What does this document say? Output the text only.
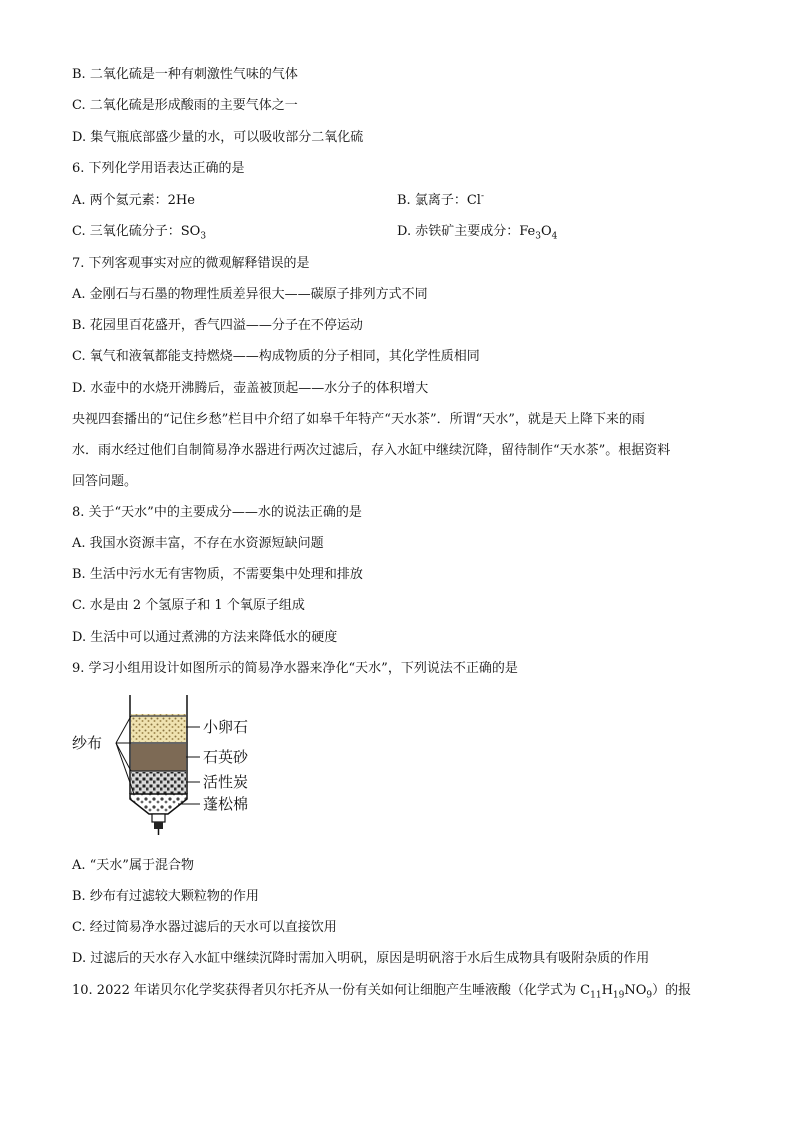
B. 二氧化硫是一种有刺激性气味的气体
C. 二氧化硫是形成酸雨的主要气体之一
D. 集气瓶底部盛少量的水，可以吸收部分二氧化硫
6. 下列化学用语表达正确的是
A. 两个氦元素：2He	B. 氯离子：Cl-
C. 三氧化硫分子：$SO_3$	D. 赤铁矿主要成分：$Fe_3O_4$
7. 下列客观事实对应的微观解释错误的是
A. 金刚石与石墨的物理性质差异很大——碳原子排列方式不同
B. 花园里百花盛开，香气四溢——分子在不停运动
C. 氧气和液氧都能支持燃烧——构成物质的分子相同，其化学性质相同
D. 水壶中的水烧开沸腾后，壶盖被顶起——水分子的体积增大
央视四套播出的“记住乡愁”栏目中介绍了如皋千年特产“天水茶”．所谓“天水”，就是天上降下来的雨
水．雨水经过他们自制简易净水器进行两次过滤后，存入水缸中继续沉降，留待制作“天水茶”。根据资料
回答问题。
8. 关于“天水”中的主要成分——水的说法正确的是
A. 我国水资源丰富，不存在水资源短缺问题
B. 生活中污水无有害物质，不需要集中处理和排放
C. 水是由 2 个氢原子和 1 个氧原子组成
D. 生活中可以通过煮沸的方法来降低水的硬度
9. 学习小组用设计如图所示的简易净水器来净化“天水”，下列说法不正确的是
纱布
小卵石
石英砂
活性炭
蓬松棉
A. “天水”属于混合物
B. 纱布有过滤较大颗粒物的作用
C. 经过简易净水器过滤后的天水可以直接饮用
D. 过滤后的天水存入水缸中继续沉降时需加入明矾，原因是明矾溶于水后生成物具有吸附杂质的作用
10. 2022 年诺贝尔化学奖获得者贝尔托齐从一份有关如何让细胞产生唾液酸（化学式为 $C_{11}H_{19}NO_9$）的报
